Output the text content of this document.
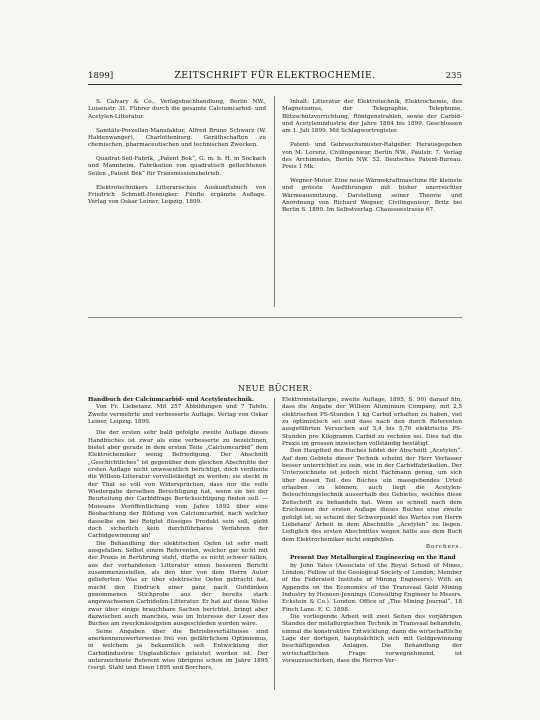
1899]	ZEITSCHRIFT FÜR ELEKTROCHEMIE.	235

S. Calvary & Co., Verlagsbuchhandlung, Berlin NW., Luisenstr. 31. Führer durch die gesamte Calciumcarbid- und Acetylen-Litteratur.

Sanitäts-Porzellan-Manufaktur, Alfred Bruno Schwarz (W. Haldenwanger), Charlottenburg. Geräthschaften zu chemischen, pharmaceutischen und technischen Zwecken.

Quadrat-Seil-Fabrik, „Patent Bek“, G. m. b. H. in Sockach und Mannheim. Fabrikation von quadratisch geflochtenen Seilen „Patent Bek“ für Transmissionsbetrieb.

Elektrotechnikers Litterarisches Auskunftsbuch von Friedrich Schmidt-Hennigker. Fünfte ergänzte Auflage. Verlag von Oskar Leiner, Leipzig. 1899.

Inhalt: Litteratur der Elektrotechnik, Elektrochemie, des Magnetismus, der Telegraphie, Telephonie, Blitzschutzvorrichtung, Röntgenstrahlen, sowie der Carbid- und Acetylenindustrie der Jahre 1884 bis 1899. Geschlossen am 1. Juli 1899. Mit Schlagwortregister.

Patent- und Gebrauchsmuster-Ratgeber. Herausgegeben von M. Lorenz, Civilingenieur, Berlin NW., Paulstr. 7. Verlag des Archimedes, Berlin NW. 52. Deutsches Patent-Bureau. Preis 1 Mk.

Wegner-Motor. Eine neue Wärmekraftmaschine für kleinste und grösste Ausführungen mit bisher unerreichter Wärmeausnutzung. Darstellung seiner Theorie und Anordnung von Richard Wegner, Civilingenieur, Britz bei Berlin S. 1899. Im Selbstverlag. Chausseestrasse 67.

NEUE BÜCHER.

Handbuch der Calciumcarbid- und Acetylentechnik.

Von Fr. Liebetanz. Mit 257 Abbildungen und 7 Tafeln. Zweite vermehrte und verbesserte Auflage. Verlag von Oskar Leiner, Leipzig. 1899.

Die der ersten sehr bald gefolgte zweite Auflage dieses Handbuches ist zwar als eine verbesserte zu bezeichnen, bietet aber gerade in dem ersten Teile „Calciumcarbid“ dem Elektrochemiker wenig Befriedigung. Der Abschnitt „Geschichtliches“ ist gegenüber dem gleichen Abschnitte der ersten Auflage nicht unwesentlich berichtigt, doch verdiente die Willson-Litteratur vervollständigt zu werden; sie steckt in der That so voll von Widersprüchen, dass nur die volle Wiedergabe derselben Berechtigung hat, wenn sie bei der Beurteilung der Carbidfrage Berücksichtigung finden soll. — Moissans Veröffentlichung vom Jahre 1892 über eine Beobachtung der Bildung von Calciumcarbid, nach welcher dasselbe ein bei Rotglut flüssiges Produkt sein soll, giebt doch sicherlich kein durchführbares Verfahren der Carbidgewinnung an!

Die Behandlung der elektrischen Oefen ist sehr matt ausgefallen. Selbst einem Referenten, welcher gar nicht mit der Praxis in Berührung steht, dürfte es nicht schwer fallen, aus der vorhandenen Litteratur einen besseren Bericht zusammenzustellen, als den hier von dem Herrn Autor gelieferten. Was er über elektrische Oefen gebracht hat, macht den Eindruck einer ganz nach Gutdünken genommenen Stichprobe aus der bereits stark angewachsenen Carbidofen-Litteratur. Er hat auf diese Weise zwar über einige brauchbare Sachen berichtet, bringt aber dazwischen auch manches, was im Interesse der Leser des Buches am zweckmässigsten ausgeschieden worden wäre.

Seine Angaben über die Betriebsverhältnisse sind anerkennenswerterweise frei von gefährlichem Optimismus, in welchem ja bekanntlich seit Entwicklung der Carbidindustrie Unglaubliches geleistet worden ist. Der unterzeichnete Referent wies übrigens schon im Jahre 1895 (vergl. Stahl und Eisen 1895 und Borchers,

Elektrometallurgie, zweite Auflage, 1895, S. 90) darauf hin, dass die Angabe der Willson Aluminium Company, mit 2,5 elektrischen PS-Stunden 1 kg Carbid erhalten zu haben, viel zu optimistisch sei und dass nach den durch Referenten ausgeführten Versuchen auf 5,4 bis 5,76 elektrische PS-Stunden pro Kilogramm Carbid zu rechnen sei. Dies hat die Praxis im grossen inzwischen vollständig bestätigt.

Den Hauptteil des Buches bildet der Abschnitt „Acetylen“. Auf dem Gebiete dieser Technik scheint der Herr Verfasser besser unterrichtet zu sein, wie in der Carbidfabrikation. Der Unterzeichnete ist jedoch nicht Fachmann genug, um sich über diesen Teil des Buches ein massgebendes Urteil erlauben zu können; auch liegt die Acetylen-Beleuchtungstechnik ausserhalb des Gebietes, welches diese Zeitschrift zu behandeln hat. Wenn so schnell nach dem Erscheinen der ersten Auflage dieses Buches eine zweite gefolgt ist, so scheint der Schwerpunkt des Wertes von Herrn Liebetanz' Arbeit in dem Abschnitte „Acetylen“ zu liegen. Lediglich des ersten Abschnittes wegen hätte aus dem Buch dem Elektrochemiker nicht empfehlen.

Borchers.

Present Day Metallurgical Engineering on the Rand

by John Yates (Associate of the Royal School of Mines, London; Fellow of the Geological Society of London; Member of the Federated Institute of Mining Engineers). With an Appendix on the Economics of the Transvaal Gold Mining Industry by Hennen-Jennings (Consulting Engineer to Messrs. Eckstein & Co.). London: Office of „The Mining Journal“, 18 Finch Lane. E. C. 1898.

Die vorliegende Arbeit will zwei Seiten des vorjährigen Standes der metallurgischen Technik in Transvaal behandeln, einmal die konstruktive Entwicklung, dann die wirtschaftliche Lage der dortigen, hauptsächlich sich mit Goldgewinnung beschäftigenden Anlagen. Die Behandlung der wirtschaftlichen Frage vorwegnehmend, ist vorauszuschicken, dass die Herren Ver-
